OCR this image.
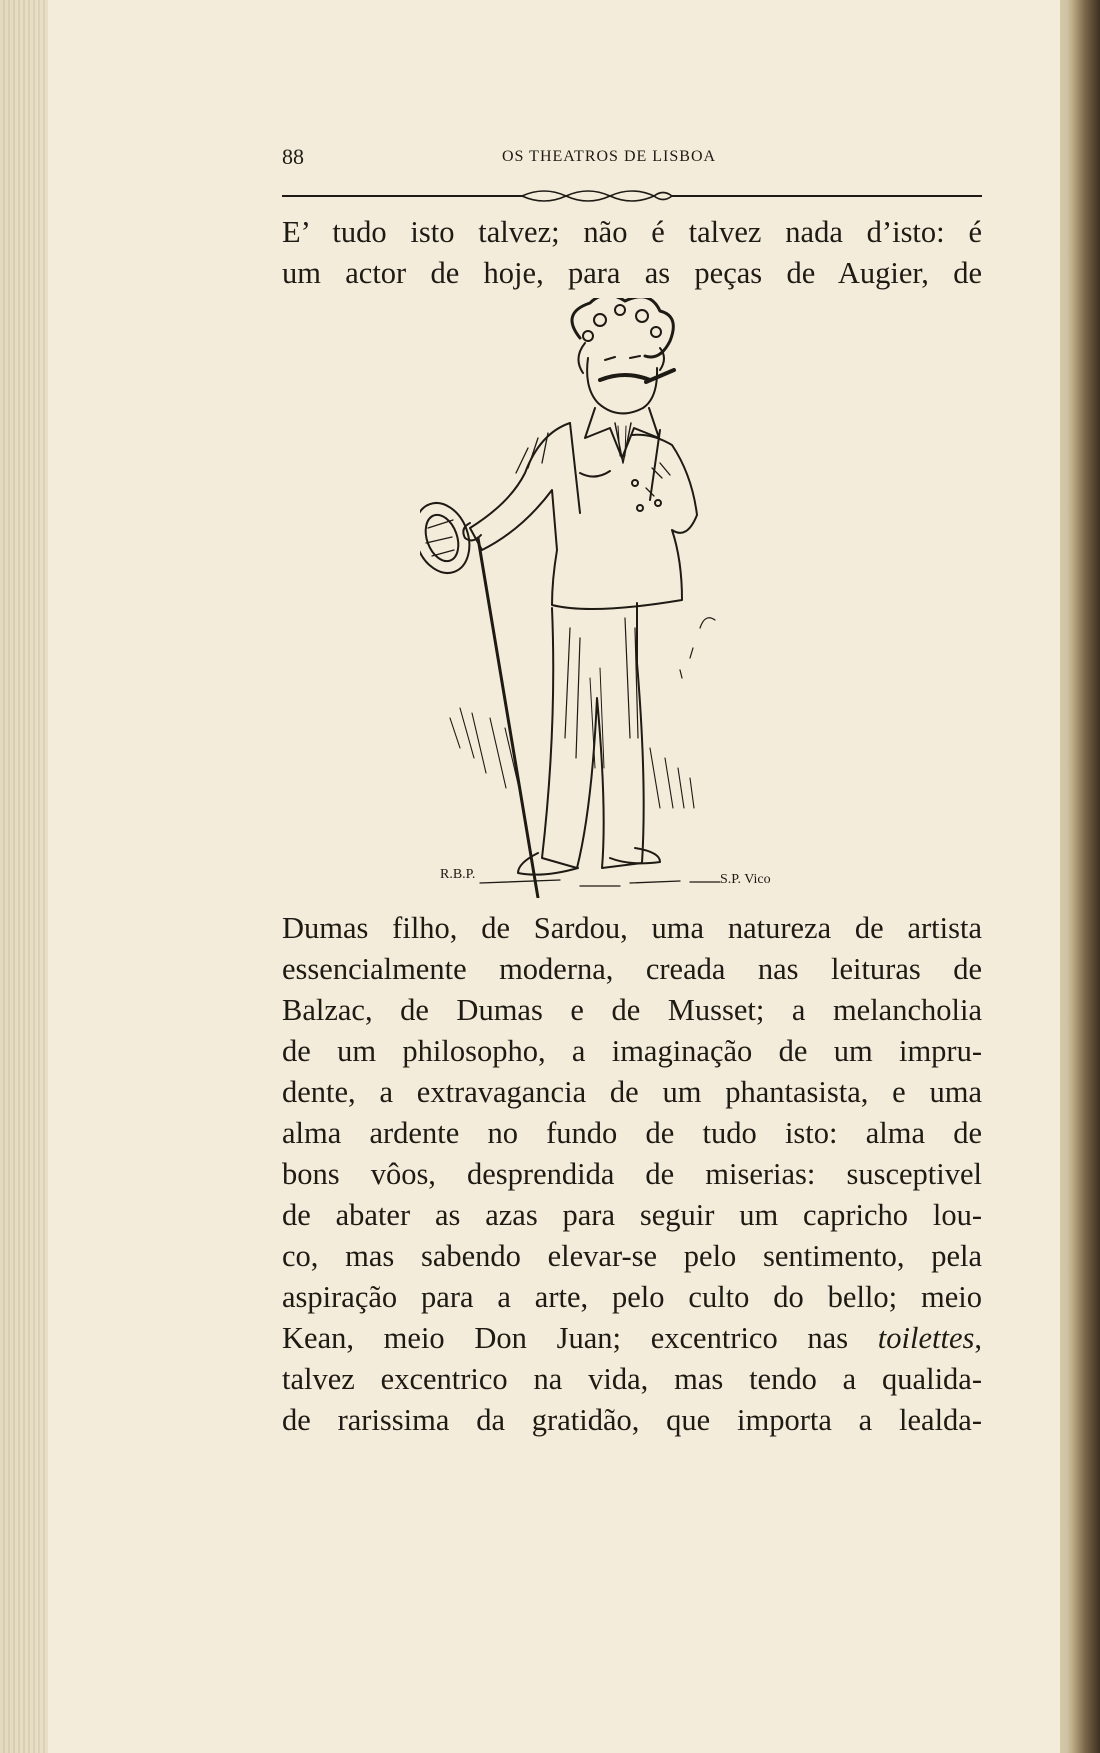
88	OS THEATROS DE LISBOA
E’ tudo isto talvez; não é talvez nada d’isto: é
um actor de hoje, para as peças de Augier, de
R.B.P.	S.P. Vico
Dumas filho, de Sardou, uma natureza de artista
essencialmente moderna, creada nas leituras de
Balzac, de Dumas e de Musset; a melancholia
de um philosopho, a imaginação de um impru-
dente, a extravagancia de um phantasista, e uma
alma ardente no fundo de tudo isto: alma de
bons vôos, desprendida de miserias: susceptivel
de abater as azas para seguir um capricho lou-
co, mas sabendo elevar-se pelo sentimento, pela
aspiração para a arte, pelo culto do bello; meio
Kean, meio Don Juan; excentrico nas toilettes,
talvez excentrico na vida, mas tendo a qualida-
de rarissima da gratidão, que importa a lealda-
